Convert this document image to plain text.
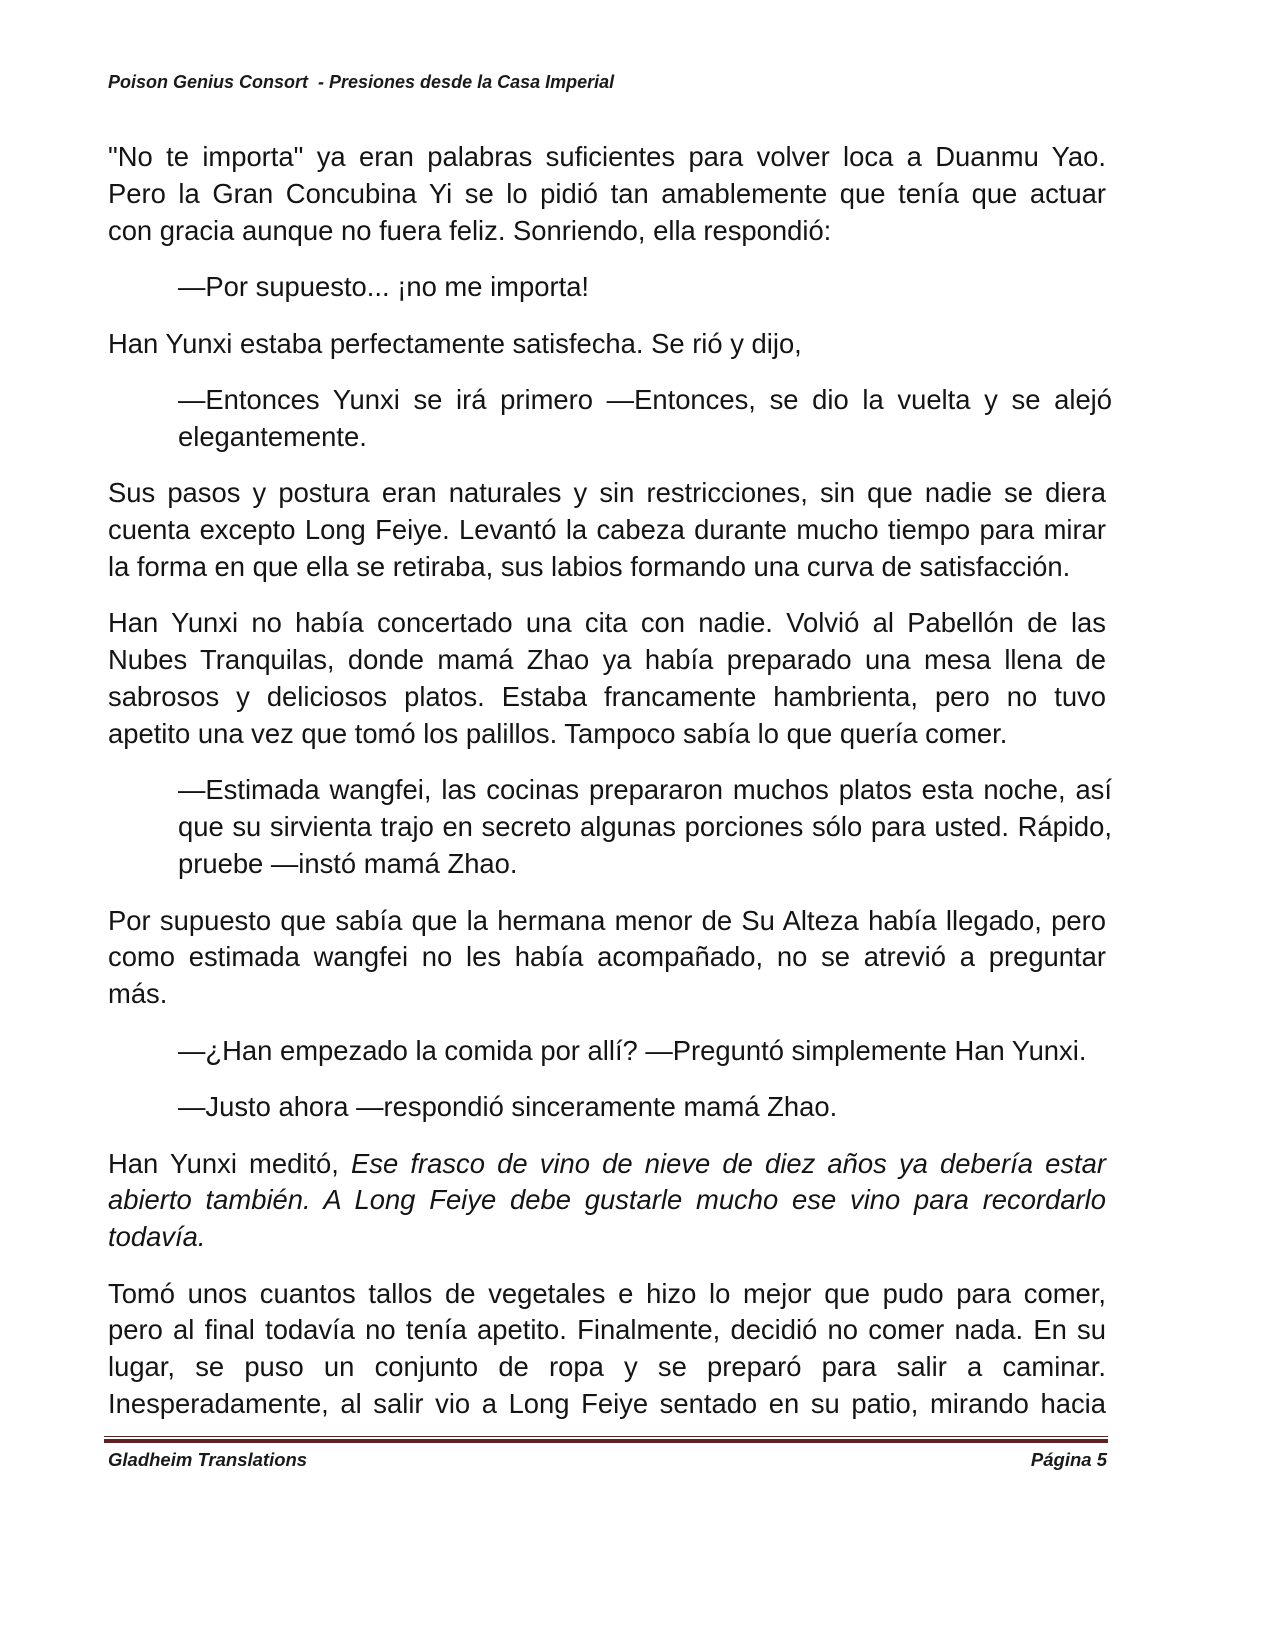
Poison Genius Consort  - Presiones desde la Casa Imperial
"No te importa" ya eran palabras suficientes para volver loca a Duanmu Yao.
Pero la Gran Concubina Yi se lo pidió tan amablemente que tenía que actuar
con gracia aunque no fuera feliz. Sonriendo, ella respondió:
—Por supuesto... ¡no me importa!
Han Yunxi estaba perfectamente satisfecha. Se rió y dijo,
—Entonces Yunxi se irá primero —Entonces, se dio la vuelta y se alejó
elegantemente.
Sus pasos y postura eran naturales y sin restricciones, sin que nadie se diera
cuenta excepto Long Feiye. Levantó la cabeza durante mucho tiempo para mirar
la forma en que ella se retiraba, sus labios formando una curva de satisfacción.
Han Yunxi no había concertado una cita con nadie. Volvió al Pabellón de las
Nubes Tranquilas, donde mamá Zhao ya había preparado una mesa llena de
sabrosos y deliciosos platos. Estaba francamente hambrienta, pero no tuvo
apetito una vez que tomó los palillos. Tampoco sabía lo que quería comer.
—Estimada wangfei, las cocinas prepararon muchos platos esta noche, así
que su sirvienta trajo en secreto algunas porciones sólo para usted. Rápido,
pruebe —instó mamá Zhao.
Por supuesto que sabía que la hermana menor de Su Alteza había llegado, pero
como estimada wangfei no les había acompañado, no se atrevió a preguntar
más.
—¿Han empezado la comida por allí? —Preguntó simplemente Han Yunxi.
—Justo ahora —respondió sinceramente mamá Zhao.
Han Yunxi meditó, Ese frasco de vino de nieve de diez años ya debería estar
abierto también. A Long Feiye debe gustarle mucho ese vino para recordarlo
todavía.
Tomó unos cuantos tallos de vegetales e hizo lo mejor que pudo para comer,
pero al final todavía no tenía apetito. Finalmente, decidió no comer nada. En su
lugar, se puso un conjunto de ropa y se preparó para salir a caminar.
Inesperadamente, al salir vio a Long Feiye sentado en su patio, mirando hacia
Gladheim Translations	Página 5
